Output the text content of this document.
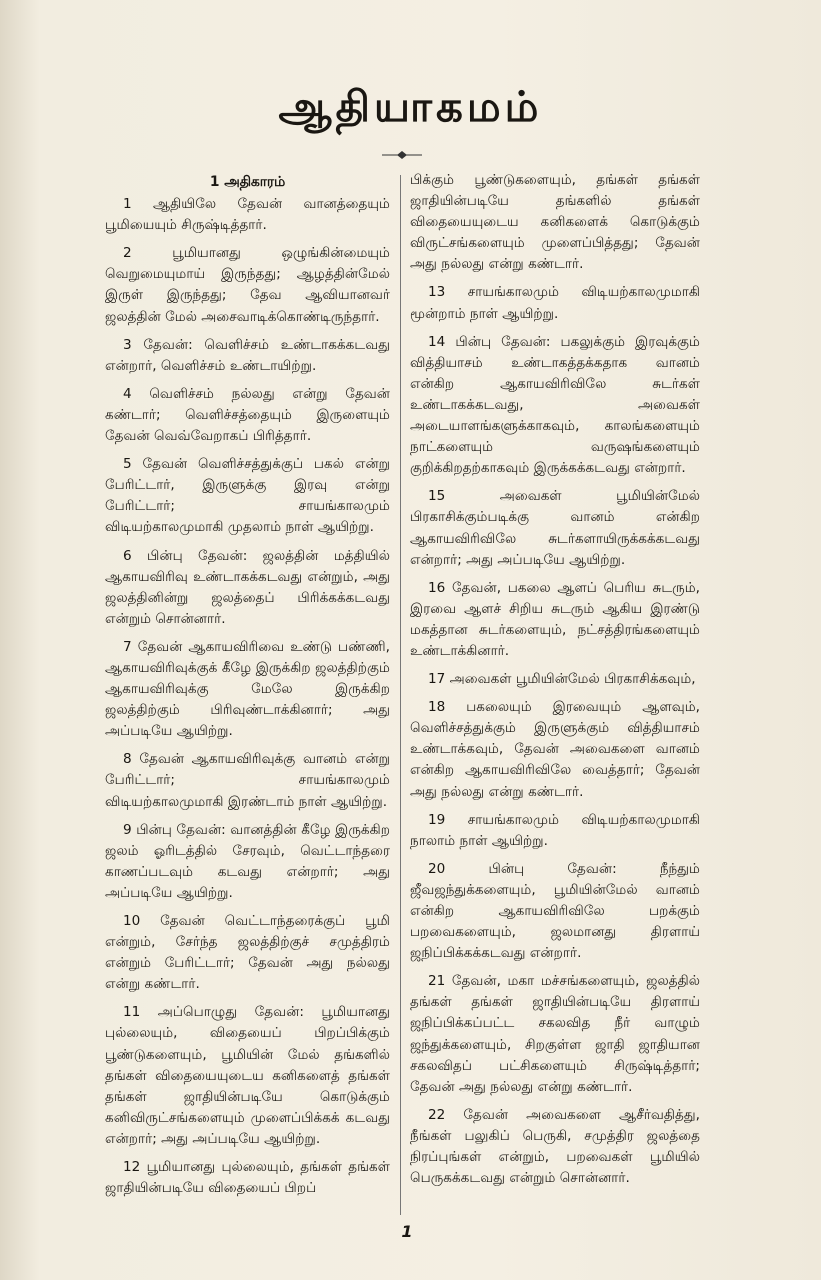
ஆதியாகமம்
1 அதிகாரம்

1 ஆதியிலே தேவன் வானத்தையும் பூமியையும் சிருஷ்டித்தார்.

2 பூமியானது ஒழுங்கின்மையும் வெறுமையுமாய் இருந்தது; ஆழத்தின்மேல் இருள் இருந்தது; தேவ ஆவியானவர் ஜலத்தின் மேல் அசைவாடிக்கொண்டிருந்தார்.

3 தேவன்: வெளிச்சம் உண்டாகக்கடவது என்றார், வெளிச்சம் உண்டாயிற்று.

4 வெளிச்சம் நல்லது என்று தேவன் கண்டார்; வெளிச்சத்தையும் இருளையும் தேவன் வெவ்வேறாகப் பிரித்தார்.

5 தேவன் வெளிச்சத்துக்குப் பகல் என்று பேரிட்டார், இருளுக்கு இரவு என்று பேரிட்டார்; சாயங்காலமும் விடியற்காலமுமாகி முதலாம் நாள் ஆயிற்று.

6 பின்பு தேவன்: ஜலத்தின் மத்தியில் ஆகாயவிரிவு உண்டாகக்கடவது என்றும், அது ஜலத்தினின்று ஜலத்தைப் பிரிக்கக்கடவது என்றும் சொன்னார்.

7 தேவன் ஆகாயவிரிவை உண்டு பண்ணி, ஆகாயவிரிவுக்குக் கீழே இருக்கிற ஜலத்திற்கும் ஆகாயவிரிவுக்கு மேலே இருக்கிற ஜலத்திற்கும் பிரிவுண்டாக்கினார்; அது அப்படியே ஆயிற்று.

8 தேவன் ஆகாயவிரிவுக்கு வானம் என்று பேரிட்டார்; சாயங்காலமும் விடியற்காலமுமாகி இரண்டாம் நாள் ஆயிற்று.

9 பின்பு தேவன்: வானத்தின் கீழே இருக்கிற ஜலம் ஓரிடத்தில் சேரவும், வெட்டாந்தரை காணப்படவும் கடவது என்றார்; அது அப்படியே ஆயிற்று.

10 தேவன் வெட்டாந்தரைக்குப் பூமி என்றும், சேர்ந்த ஜலத்திற்குச் சமுத்திரம் என்றும் பேரிட்டார்; தேவன் அது நல்லது என்று கண்டார்.

11 அப்பொழுது தேவன்: பூமியானது புல்லையும், விதையைப் பிறப்பிக்கும் பூண்டுகளையும், பூமியின் மேல் தங்களில் தங்கள் விதையையுடைய கனிகளைத் தங்கள் தங்கள் ஜாதியின்படியே கொடுக்கும் கனிவிருட்சங்களையும் முளைப்பிக்கக் கடவது என்றார்; அது அப்படியே ஆயிற்று.

12 பூமியானது புல்லையும், தங்கள் தங்கள் ஜாதியின்படியே விதையைப் பிறப்

பிக்கும் பூண்டுகளையும், தங்கள் தங்கள் ஜாதியின்படியே தங்களில் தங்கள் விதையையுடைய கனிகளைக் கொடுக்கும் விருட்சங்களையும் முளைப்பித்தது; தேவன் அது நல்லது என்று கண்டார்.

13 சாயங்காலமும் விடியற்காலமுமாகி மூன்றாம் நாள் ஆயிற்று.

14 பின்பு தேவன்: பகலுக்கும் இரவுக்கும் வித்தியாசம் உண்டாகத்தக்கதாக வானம் என்கிற ஆகாயவிரிவிலே சுடர்கள் உண்டாகக்கடவது, அவைகள் அடையாளங்களுக்காகவும், காலங்களையும் நாட்களையும் வருஷங்களையும் குறிக்கிறதற்காகவும் இருக்கக்கடவது என்றார்.

15 அவைகள் பூமியின்மேல் பிரகாசிக்கும்படிக்கு வானம் என்கிற ஆகாயவிரிவிலே சுடர்களாயிருக்கக்கடவது என்றார்; அது அப்படியே ஆயிற்று.

16 தேவன், பகலை ஆளப் பெரிய சுடரும், இரவை ஆளச் சிறிய சுடரும் ஆகிய இரண்டு மகத்தான சுடர்களையும், நட்சத்திரங்களையும் உண்டாக்கினார்.

17 அவைகள் பூமியின்மேல் பிரகாசிக்கவும்,

18 பகலையும் இரவையும் ஆளவும், வெளிச்சத்துக்கும் இருளுக்கும் வித்தியாசம் உண்டாக்கவும், தேவன் அவைகளை வானம் என்கிற ஆகாயவிரிவிலே வைத்தார்; தேவன் அது நல்லது என்று கண்டார்.

19 சாயங்காலமும் விடியற்காலமுமாகி நாலாம் நாள் ஆயிற்று.

20 பின்பு தேவன்: நீந்தும் ஜீவஜந்துக்களையும், பூமியின்மேல் வானம் என்கிற ஆகாயவிரிவிலே பறக்கும் பறவைகளையும், ஜலமானது திரளாய் ஜநிப்பிக்கக்கடவது என்றார்.

21 தேவன், மகா மச்சங்களையும், ஜலத்தில் தங்கள் தங்கள் ஜாதியின்படியே திரளாய் ஜநிப்பிக்கப்பட்ட சகலவித நீர் வாழும் ஜந்துக்களையும், சிறகுள்ள ஜாதி ஜாதியான சகலவிதப் பட்சிகளையும் சிருஷ்டித்தார்; தேவன் அது நல்லது என்று கண்டார்.

22 தேவன் அவைகளை ஆசீர்வதித்து, நீங்கள் பலுகிப் பெருகி, சமுத்திர ஜலத்தை நிரப்புங்கள் என்றும், பறவைகள் பூமியில் பெருகக்கடவது என்றும் சொன்னார்.

1
